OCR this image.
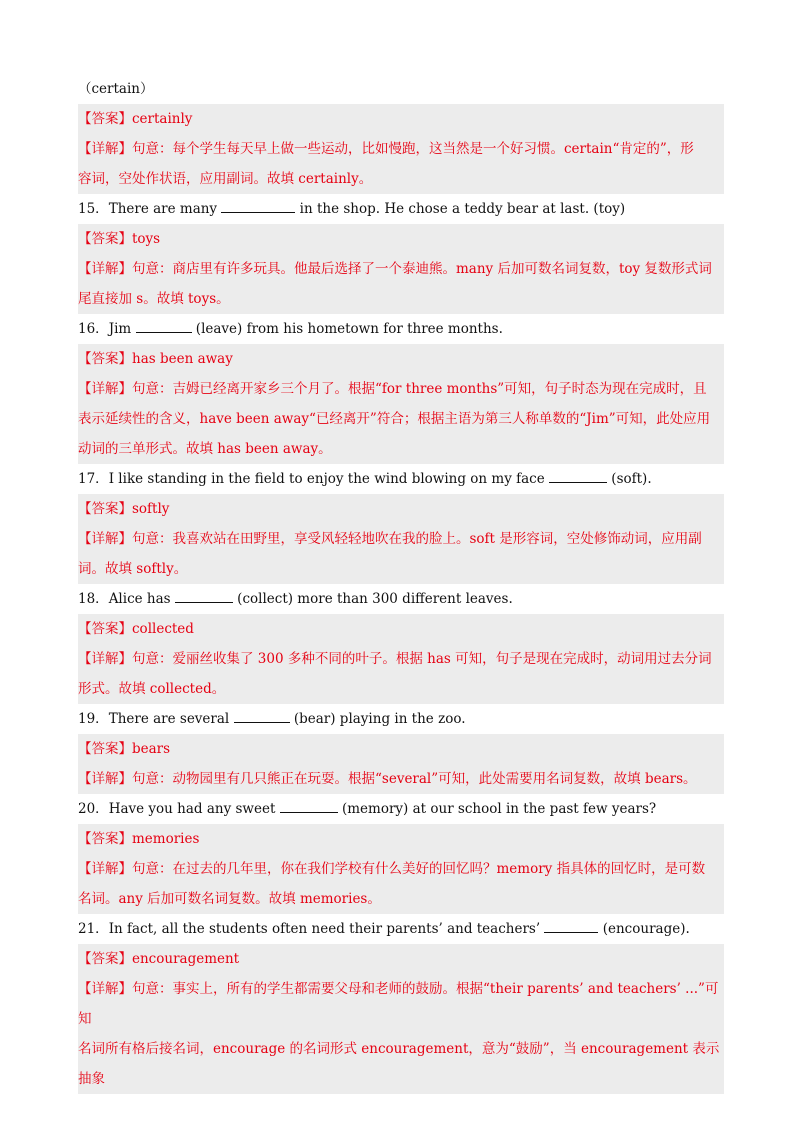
（certain）
【答案】certainly
【详解】句意：每个学生每天早上做一些运动，比如慢跑，这当然是一个好习惯。certain“肯定的”，形
容词，空处作状语，应用副词。故填 certainly。
15．There are many	in the shop. He chose a teddy bear at last. (toy)
【答案】toys
【详解】句意：商店里有许多玩具。他最后选择了一个泰迪熊。many 后加可数名词复数，toy 复数形式词
尾直接加 s。故填 toys。
16．Jim	(leave) from his hometown for three months.
【答案】has been away
【详解】句意：吉姆已经离开家乡三个月了。根据“for three months”可知，句子时态为现在完成时，且
表示延续性的含义，have been away“已经离开”符合；根据主语为第三人称单数的“Jim”可知，此处应用
动词的三单形式。故填 has been away。
17．I like standing in the field to enjoy the wind blowing on my face	(soft).
【答案】softly
【详解】句意：我喜欢站在田野里，享受风轻轻地吹在我的脸上。soft 是形容词，空处修饰动词，应用副
词。故填 softly。
18．Alice has	(collect) more than 300 different leaves.
【答案】collected
【详解】句意：爱丽丝收集了 300 多种不同的叶子。根据 has 可知，句子是现在完成时，动词用过去分词
形式。故填 collected。
19．There are several	(bear) playing in the zoo.
【答案】bears
【详解】句意：动物园里有几只熊正在玩耍。根据“several”可知，此处需要用名词复数，故填 bears。
20．Have you had any sweet	(memory) at our school in the past few years?
【答案】memories
【详解】句意：在过去的几年里，你在我们学校有什么美好的回忆吗？memory 指具体的回忆时，是可数
名词。any 后加可数名词复数。故填 memories。
21．In fact, all the students often need their parents’ and teachers’	(encourage).
【答案】encouragement
【详解】句意：事实上，所有的学生都需要父母和老师的鼓励。根据“their parents’ and teachers’ ...”可知
名词所有格后接名词，encourage 的名词形式 encouragement，意为“鼓励”，当 encouragement 表示抽象
